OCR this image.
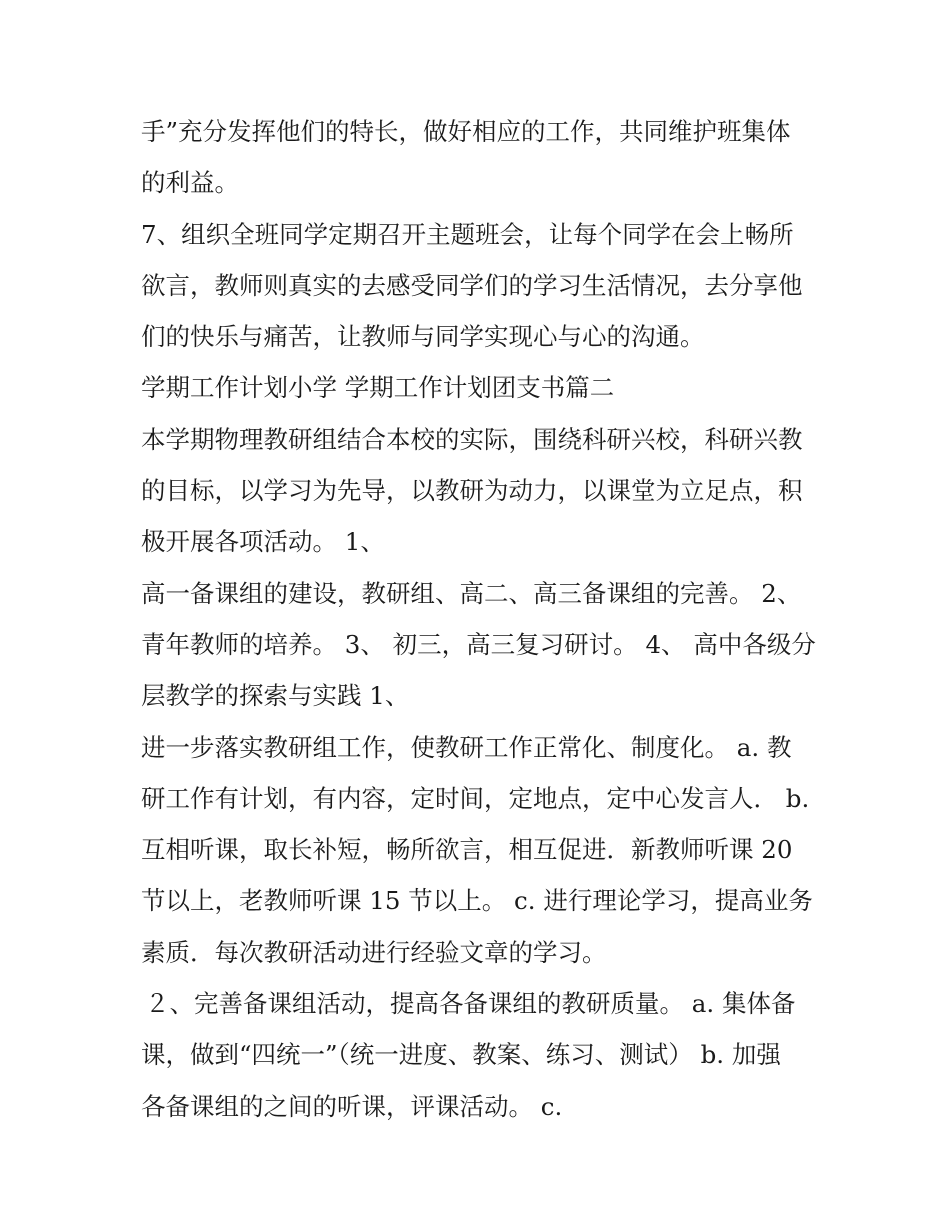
手”充分发挥他们的特长，做好相应的工作，共同维护班集体
的利益。
7、组织全班同学定期召开主题班会，让每个同学在会上畅所
欲言，教师则真实的去感受同学们的学习生活情况，去分享他
们的快乐与痛苦，让教师与同学实现心与心的沟通。
学期工作计划小学 学期工作计划团支书篇二
本学期物理教研组结合本校的实际，围绕科研兴校，科研兴教
的目标，以学习为先导，以教研为动力，以课堂为立足点，积
极开展各项活动。 1、
高一备课组的建设，教研组、高二、高三备课组的完善。 2、
青年教师的培养。 3、 初三，高三复习研讨。 4、 高中各级分
层教学的探索与实践 1、
进一步落实教研组工作，使教研工作正常化、制度化。 a. 教
研工作有计划，有内容，定时间，定地点，定中心发言人． b.
互相听课，取长补短，畅所欲言，相互促进．新教师听课 20
节以上，老教师听课 15 节以上。 c. 进行理论学习，提高业务
素质．每次教研活动进行经验文章的学习。
２、完善备课组活动，提高各备课组的教研质量。 a. 集体备
课，做到“四统一”（统一进度、教案、练习、测试） b. 加强
各备课组的之间的听课，评课活动。 c.
